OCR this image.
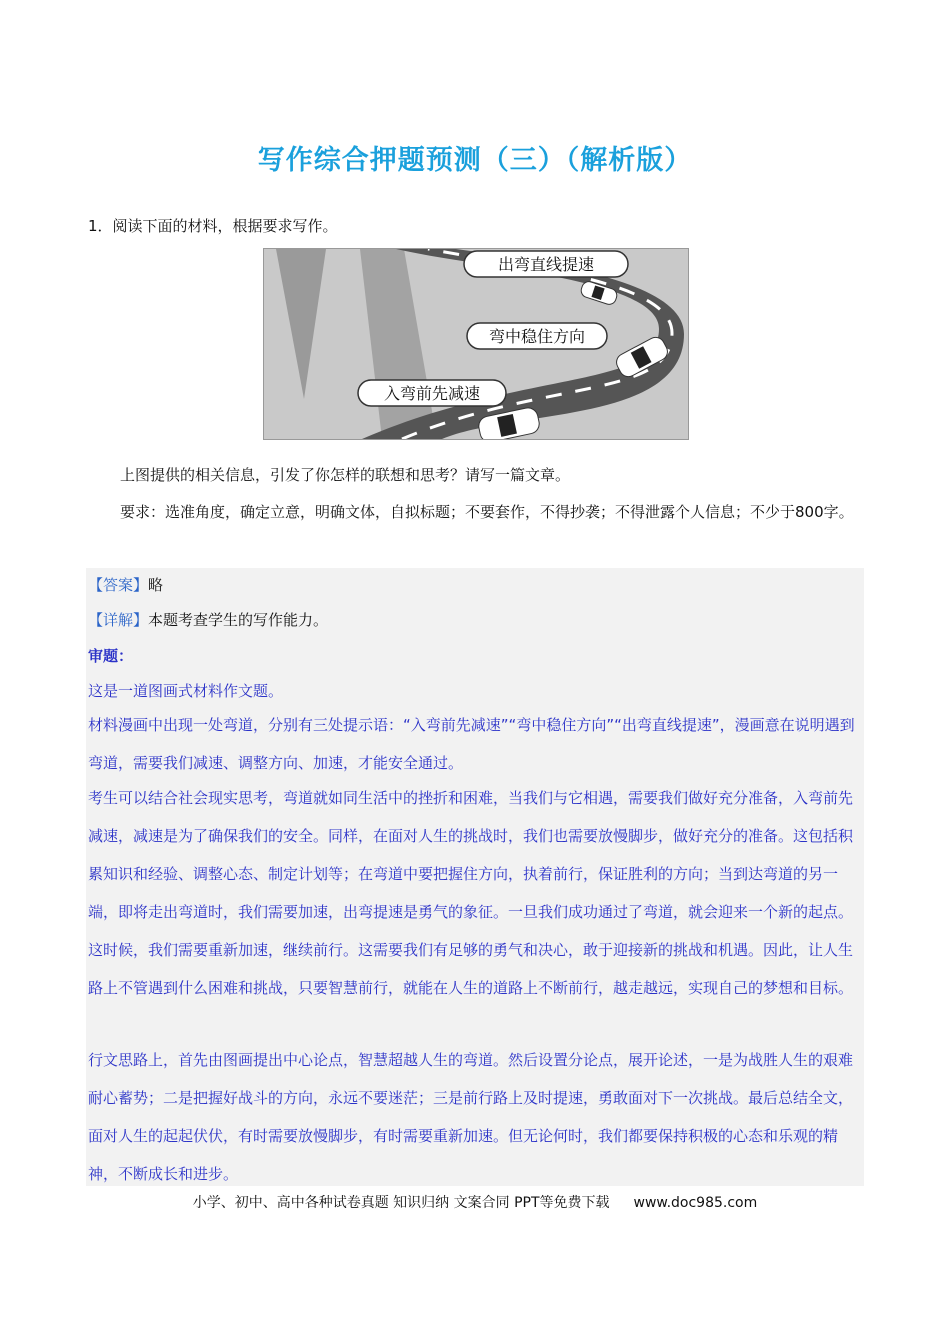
写作综合押题预测（三）（解析版）
1．阅读下面的材料，根据要求写作。
出弯直线提速
弯中稳住方向
入弯前先减速
上图提供的相关信息，引发了你怎样的联想和思考？请写一篇文章。
要求：选准角度，确定立意，明确文体，自拟标题；不要套作，不得抄袭；不得泄露个人信息；不少于800字。
【答案】略
【详解】本题考查学生的写作能力。
审题：
这是一道图画式材料作文题。
材料漫画中出现一处弯道，分别有三处提示语：“入弯前先减速”“弯中稳住方向”“出弯直线提速”，漫画意在说明遇到弯道，需要我们减速、调整方向、加速，才能安全通过。
考生可以结合社会现实思考，弯道就如同生活中的挫折和困难，当我们与它相遇，需要我们做好充分准备，入弯前先减速，减速是为了确保我们的安全。同样，在面对人生的挑战时，我们也需要放慢脚步，做好充分的准备。这包括积累知识和经验、调整心态、制定计划等；在弯道中要把握住方向，执着前行，保证胜利的方向；当到达弯道的另一端，即将走出弯道时，我们需要加速，出弯提速是勇气的象征。一旦我们成功通过了弯道，就会迎来一个新的起点。这时候，我们需要重新加速，继续前行。这需要我们有足够的勇气和决心，敢于迎接新的挑战和机遇。因此，让人生路上不管遇到什么困难和挑战，只要智慧前行，就能在人生的道路上不断前行，越走越远，实现自己的梦想和目标。
行文思路上，首先由图画提出中心论点，智慧超越人生的弯道。然后设置分论点，展开论述，一是为战胜人生的艰难耐心蓄势；二是把握好战斗的方向，永远不要迷茫；三是前行路上及时提速，勇敢面对下一次挑战。最后总结全文，面对人生的起起伏伏，有时需要放慢脚步，有时需要重新加速。但无论何时，我们都要保持积极的心态和乐观的精神，不断成长和进步。
小学、初中、高中各种试卷真题 知识归纳 文案合同 PPT等免费下载 www.doc985.com
